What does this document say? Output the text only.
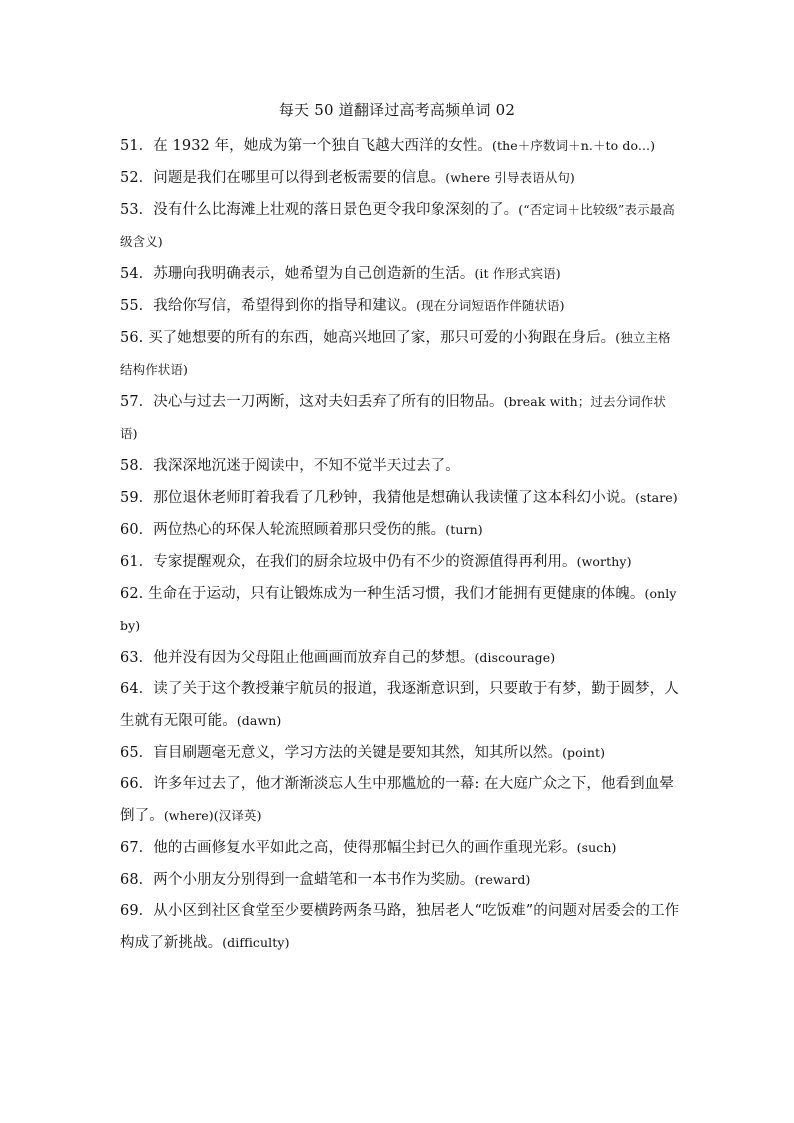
每天 50 道翻译过高考高频单词 02

51．在 1932 年，她成为第一个独自飞越大西洋的女性。(the＋序数词＋n.＋to do...)

52．问题是我们在哪里可以得到老板需要的信息。(where 引导表语从句)

53．没有什么比海滩上壮观的落日景色更令我印象深刻的了。(“否定词＋比较级”表示最高级含义)

54．苏珊向我明确表示，她希望为自己创造新的生活。(it 作形式宾语)

55．我给你写信，希望得到你的指导和建议。(现在分词短语作伴随状语)

56. 买了她想要的所有的东西，她高兴地回了家，那只可爱的小狗跟在身后。(独立主格结构作状语)

57．决心与过去一刀两断，这对夫妇丢弃了所有的旧物品。(break with；过去分词作状语)

58．我深深地沉迷于阅读中，不知不觉半天过去了。

59．那位退休老师盯着我看了几秒钟，我猜他是想确认我读懂了这本科幻小说。(stare)

60．两位热心的环保人轮流照顾着那只受伤的熊。(turn)

61．专家提醒观众，在我们的厨余垃圾中仍有不少的资源值得再利用。(worthy)

62. 生命在于运动，只有让锻炼成为一种生活习惯，我们才能拥有更健康的体魄。(only by)

63．他并没有因为父母阻止他画画而放弃自己的梦想。(discourage)

64．读了关于这个教授兼宇航员的报道，我逐渐意识到，只要敢于有梦，勤于圆梦，人生就有无限可能。(dawn)

65．盲目刷题毫无意义，学习方法的关键是要知其然，知其所以然。(point)

66．许多年过去了，他才渐渐淡忘人生中那尴尬的一幕: 在大庭广众之下，他看到血晕倒了。(where)(汉译英)

67．他的古画修复水平如此之高，使得那幅尘封已久的画作重现光彩。(such)

68．两个小朋友分别得到一盒蜡笔和一本书作为奖励。(reward)

69．从小区到社区食堂至少要横跨两条马路，独居老人“吃饭难”的问题对居委会的工作构成了新挑战。(difficulty)
